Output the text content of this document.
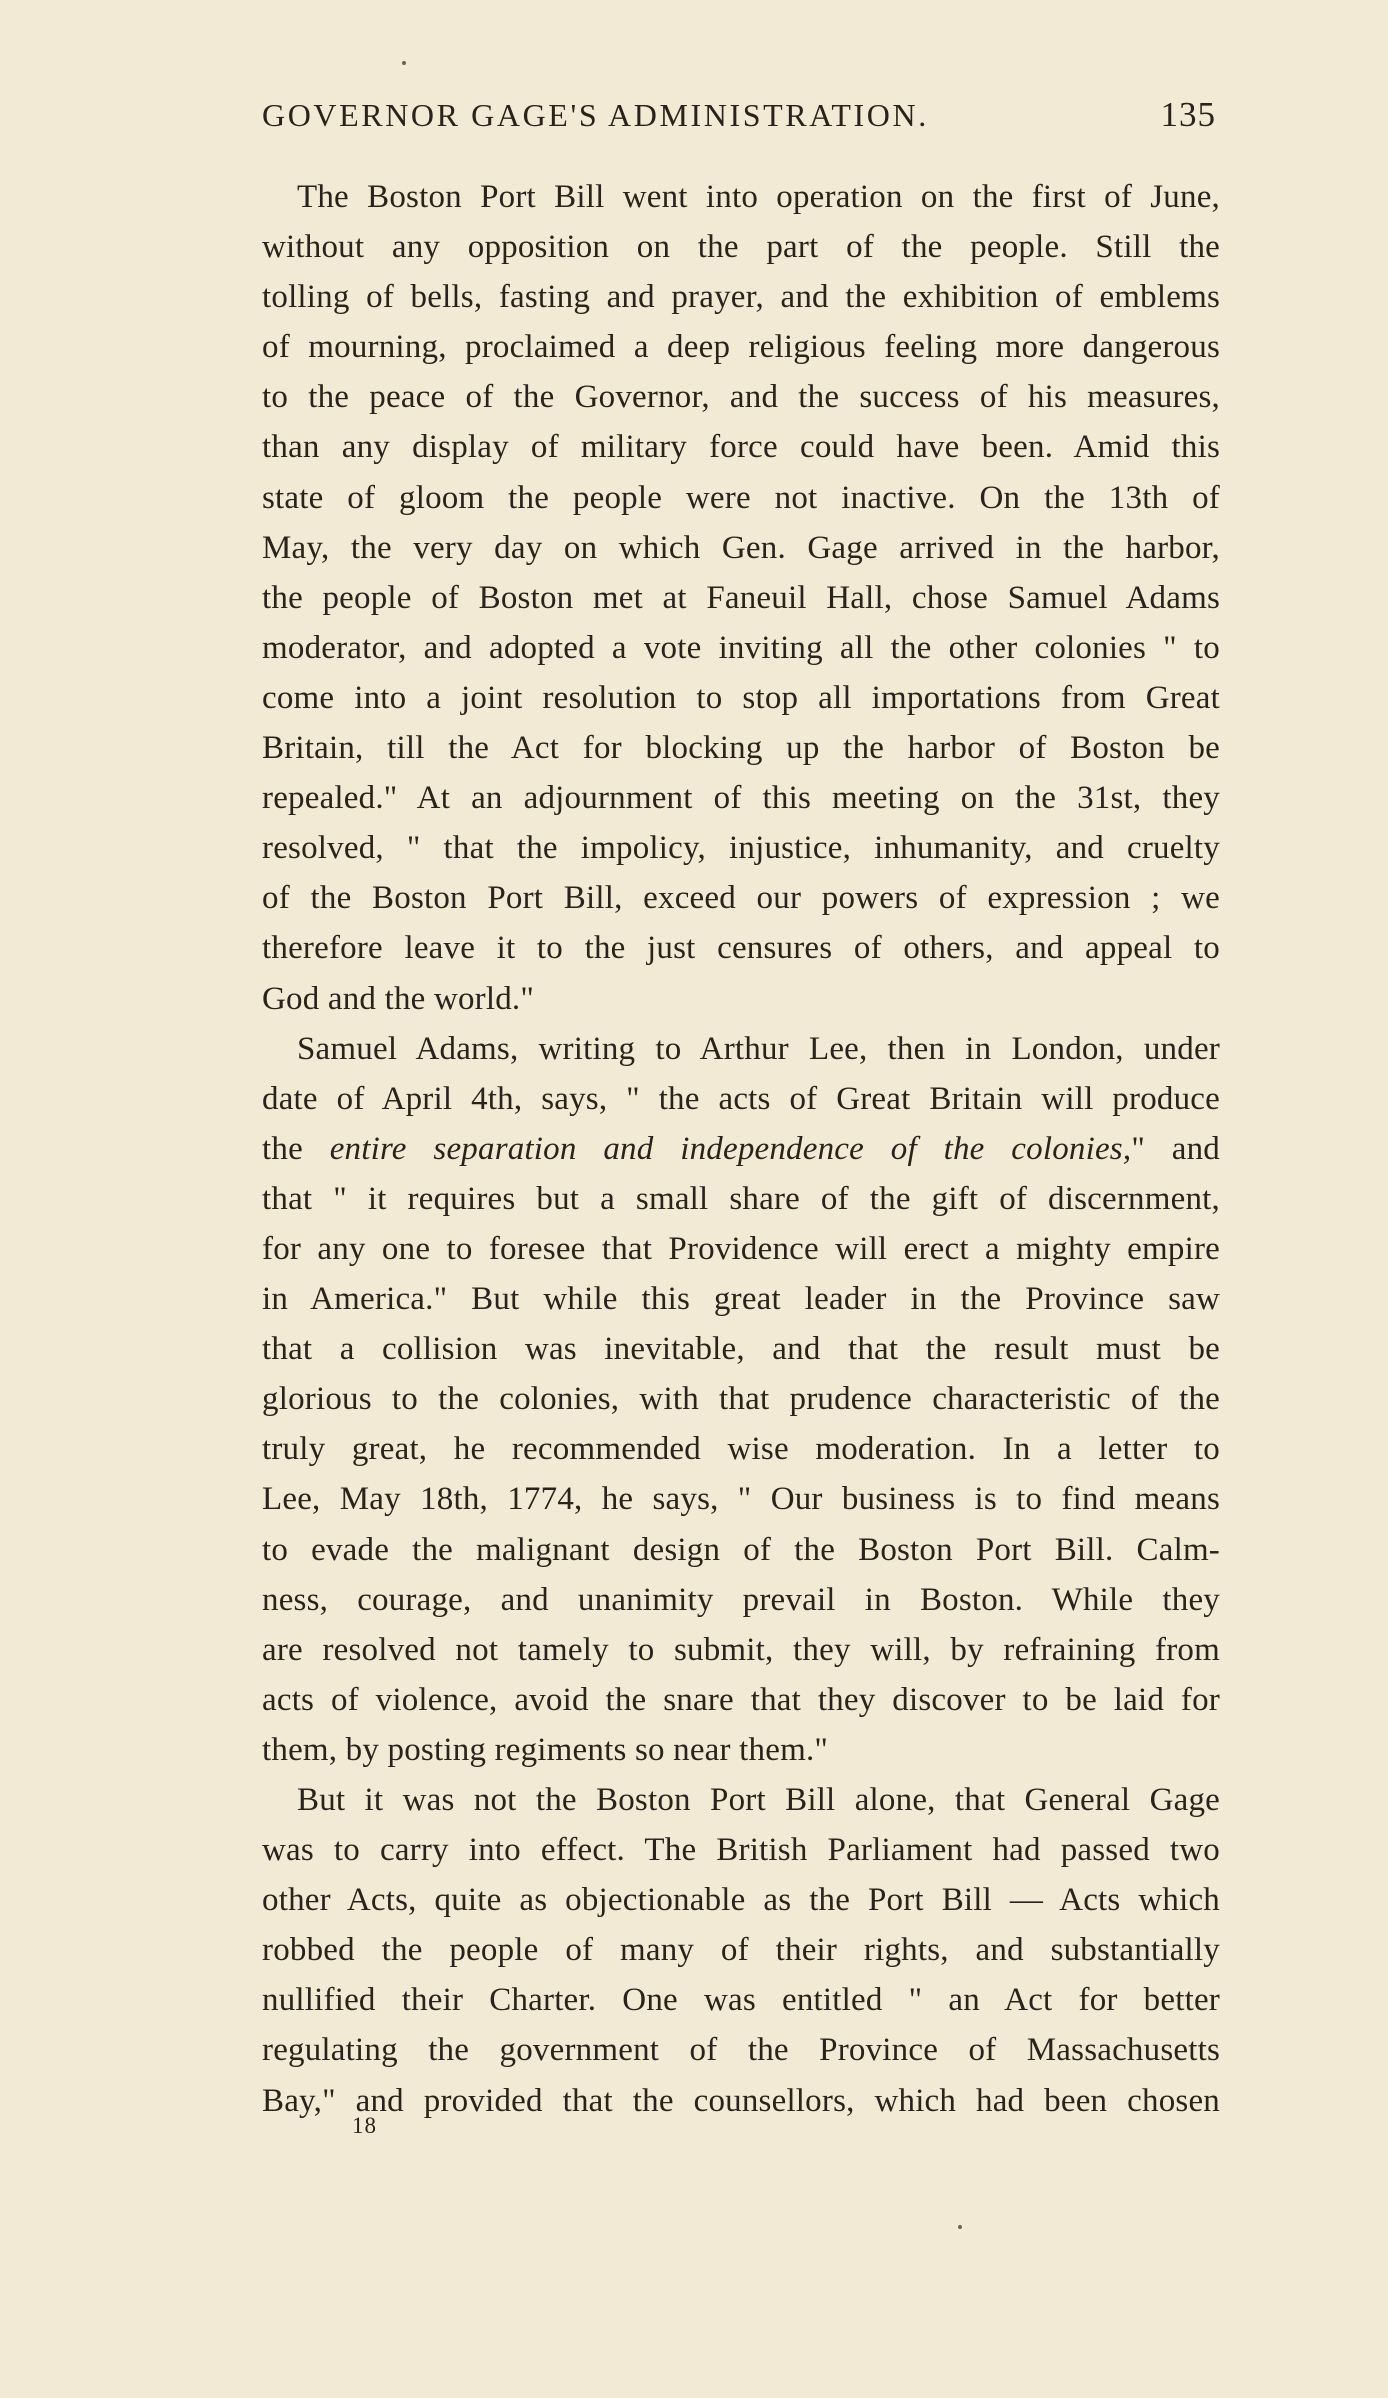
GOVERNOR GAGE'S ADMINISTRATION.	135
The Boston Port Bill went into operation on the first of June,
without any opposition on the part of the people. Still the
tolling of bells, fasting and prayer, and the exhibition of emblems
of mourning, proclaimed a deep religious feeling more dangerous
to the peace of the Governor, and the success of his measures,
than any display of military force could have been. Amid this
state of gloom the people were not inactive. On the 13th of
May, the very day on which Gen. Gage arrived in the harbor,
the people of Boston met at Faneuil Hall, chose Samuel Adams
moderator, and adopted a vote inviting all the other colonies " to
come into a joint resolution to stop all importations from Great
Britain, till the Act for blocking up the harbor of Boston be
repealed." At an adjournment of this meeting on the 31st, they
resolved, " that the impolicy, injustice, inhumanity, and cruelty
of the Boston Port Bill, exceed our powers of expression ; we
therefore leave it to the just censures of others, and appeal to
God and the world."
Samuel Adams, writing to Arthur Lee, then in London, under
date of April 4th, says, " the acts of Great Britain will produce
the entire separation and independence of the colonies," and
that " it requires but a small share of the gift of discernment,
for any one to foresee that Providence will erect a mighty empire
in America." But while this great leader in the Province saw
that a collision was inevitable, and that the result must be
glorious to the colonies, with that prudence characteristic of the
truly great, he recommended wise moderation. In a letter to
Lee, May 18th, 1774, he says, " Our business is to find means
to evade the malignant design of the Boston Port Bill. Calm-
ness, courage, and unanimity prevail in Boston. While they
are resolved not tamely to submit, they will, by refraining from
acts of violence, avoid the snare that they discover to be laid for
them, by posting regiments so near them."
But it was not the Boston Port Bill alone, that General Gage
was to carry into effect. The British Parliament had passed two
other Acts, quite as objectionable as the Port Bill — Acts which
robbed the people of many of their rights, and substantially
nullified their Charter. One was entitled " an Act for better
regulating the government of the Province of Massachusetts
Bay," and provided that the counsellors, which had been chosen
18
